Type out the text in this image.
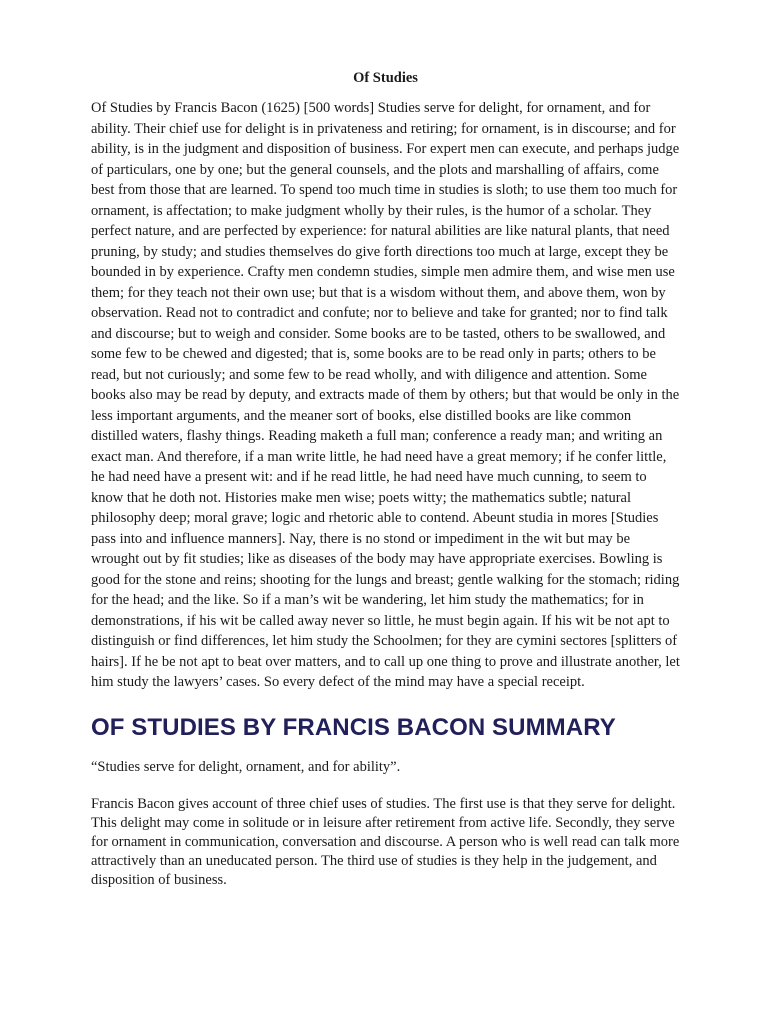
Of Studies

Of Studies by Francis Bacon (1625) [500 words] Studies serve for delight, for ornament, and for ability. Their chief use for delight is in privateness and retiring; for ornament, is in discourse; and for ability, is in the judgment and disposition of business. For expert men can execute, and perhaps judge of particulars, one by one; but the general counsels, and the plots and marshalling of affairs, come best from those that are learned. To spend too much time in studies is sloth; to use them too much for ornament, is affectation; to make judgment wholly by their rules, is the humor of a scholar. They perfect nature, and are perfected by experience: for natural abilities are like natural plants, that need pruning, by study; and studies themselves do give forth directions too much at large, except they be bounded in by experience. Crafty men condemn studies, simple men admire them, and wise men use them; for they teach not their own use; but that is a wisdom without them, and above them, won by observation. Read not to contradict and confute; nor to believe and take for granted; nor to find talk and discourse; but to weigh and consider. Some books are to be tasted, others to be swallowed, and some few to be chewed and digested; that is, some books are to be read only in parts; others to be read, but not curiously; and some few to be read wholly, and with diligence and attention. Some books also may be read by deputy, and extracts made of them by others; but that would be only in the less important arguments, and the meaner sort of books, else distilled books are like common distilled waters, flashy things. Reading maketh a full man; conference a ready man; and writing an exact man. And therefore, if a man write little, he had need have a great memory; if he confer little, he had need have a present wit: and if he read little, he had need have much cunning, to seem to know that he doth not. Histories make men wise; poets witty; the mathematics subtle; natural philosophy deep; moral grave; logic and rhetoric able to contend. Abeunt studia in mores [Studies pass into and influence manners]. Nay, there is no stond or impediment in the wit but may be wrought out by fit studies; like as diseases of the body may have appropriate exercises. Bowling is good for the stone and reins; shooting for the lungs and breast; gentle walking for the stomach; riding for the head; and the like. So if a man’s wit be wandering, let him study the mathematics; for in demonstrations, if his wit be called away never so little, he must begin again. If his wit be not apt to distinguish or find differences, let him study the Schoolmen; for they are cymini sectores [splitters of hairs]. If he be not apt to beat over matters, and to call up one thing to prove and illustrate another, let him study the lawyers’ cases. So every defect of the mind may have a special receipt.

OF STUDIES BY FRANCIS BACON SUMMARY

“Studies serve for delight, ornament, and for ability”.

Francis Bacon gives account of three chief uses of studies. The first use is that they serve for delight. This delight may come in solitude or in leisure after retirement from active life. Secondly, they serve for ornament in communication, conversation and discourse. A person who is well read can talk more attractively than an uneducated person. The third use of studies is they help in the judgement, and disposition of business.
